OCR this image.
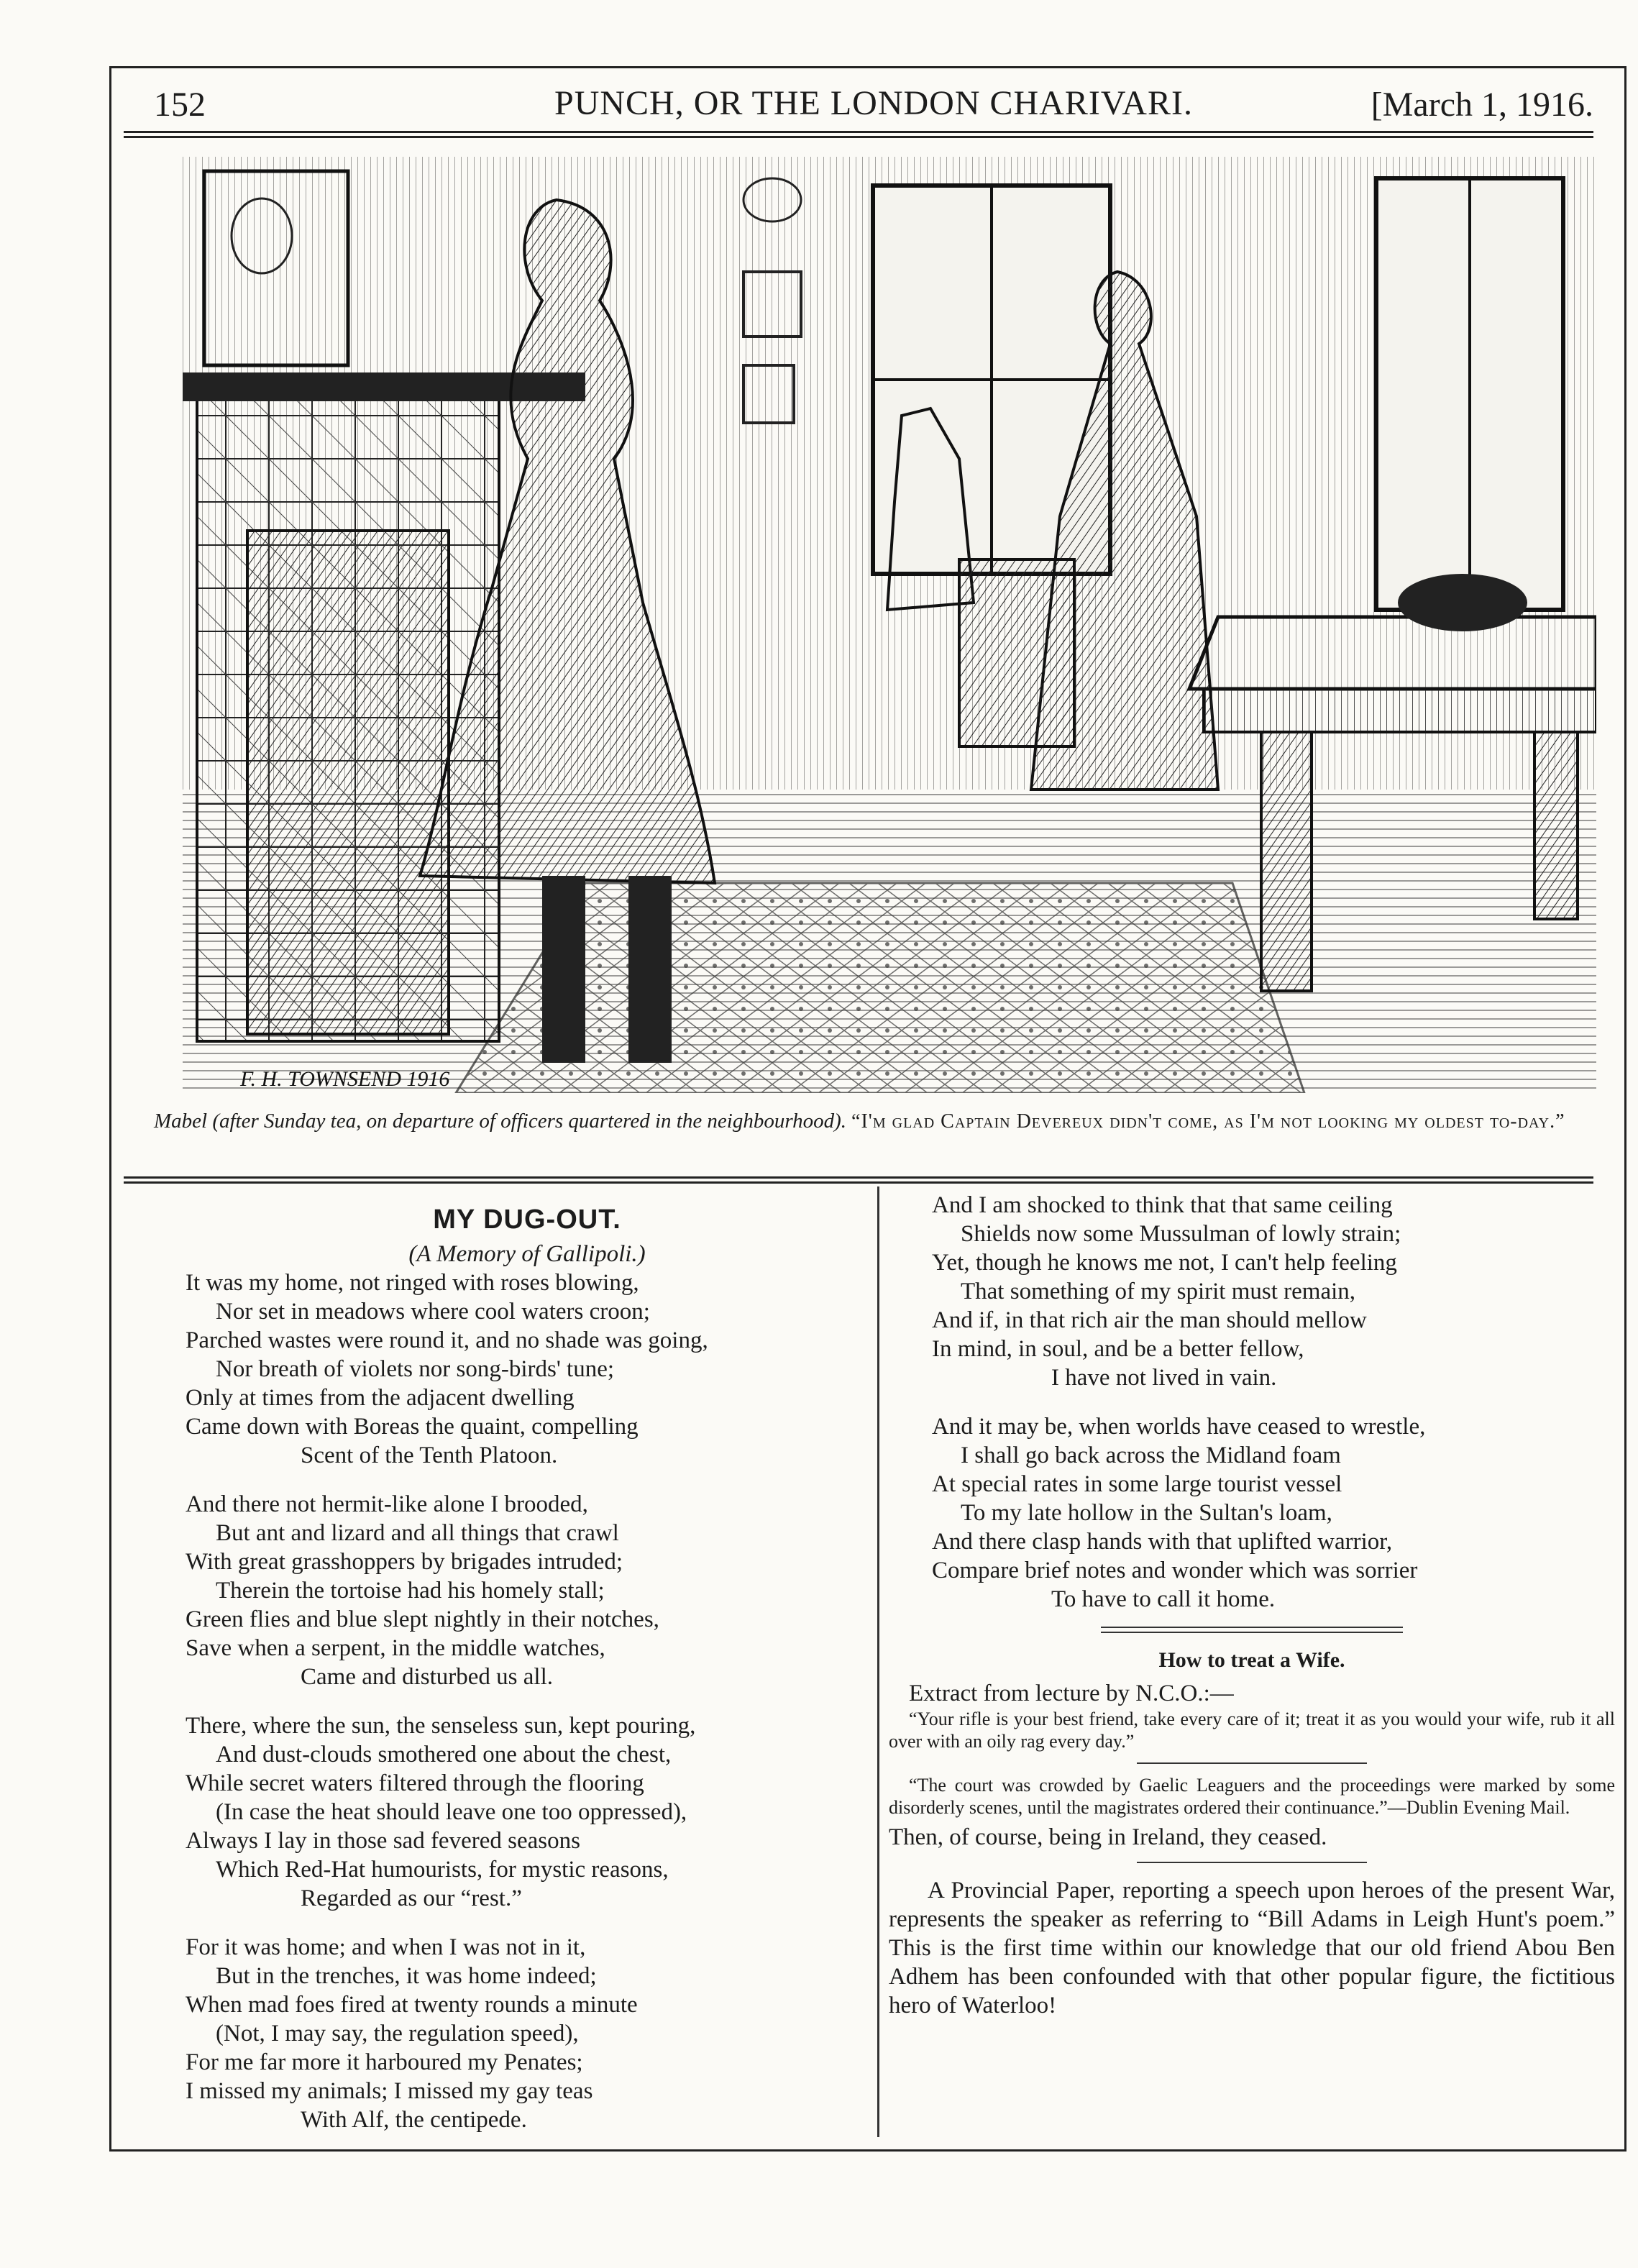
152	PUNCH, OR THE LONDON CHARIVARI.	[March 1, 1916.
F. H. TOWNSEND 1916
Mabel (after Sunday tea, on departure of officers quartered in the neighbourhood). “I'm glad Captain Devereux didn't come, as I'm not looking my oldest to-day.”

MY DUG-OUT.

(A Memory of Gallipoli.)

It was my home, not ringed with roses blowing,

Nor set in meadows where cool waters croon;

Parched wastes were round it, and no shade was going,

Nor breath of violets nor song-birds' tune;

Only at times from the adjacent dwelling

Came down with Boreas the quaint, compelling

Scent of the Tenth Platoon.

And there not hermit-like alone I brooded,

But ant and lizard and all things that crawl

With great grasshoppers by brigades intruded;

Therein the tortoise had his homely stall;

Green flies and blue slept nightly in their notches,

Save when a serpent, in the middle watches,

Came and disturbed us all.

There, where the sun, the senseless sun, kept pouring,

And dust-clouds smothered one about the chest,

While secret waters filtered through the flooring

(In case the heat should leave one too oppressed),

Always I lay in those sad fevered seasons

Which Red-Hat humourists, for mystic reasons,

Regarded as our “rest.”

For it was home; and when I was not in it,

But in the trenches, it was home indeed;

When mad foes fired at twenty rounds a minute

(Not, I may say, the regulation speed),

For me far more it harboured my Penates;

I missed my animals; I missed my gay teas

With Alf, the centipede.

And I am shocked to think that that same ceiling

Shields now some Mussulman of lowly strain;

Yet, though he knows me not, I can't help feeling

That something of my spirit must remain,

And if, in that rich air the man should mellow

In mind, in soul, and be a better fellow,

I have not lived in vain.

And it may be, when worlds have ceased to wrestle,

I shall go back across the Midland foam

At special rates in some large tourist vessel

To my late hollow in the Sultan's loam,

And there clasp hands with that uplifted warrior,

Compare brief notes and wonder which was sorrier

To have to call it home.

How to treat a Wife.

Extract from lecture by N.C.O.:—

“Your rifle is your best friend, take every care of it; treat it as you would your wife, rub it all over with an oily rag every day.”

“The court was crowded by Gaelic Leaguers and the proceedings were marked by some disorderly scenes, until the magistrates ordered their continuance.”—Dublin Evening Mail.

Then, of course, being in Ireland, they ceased.

A Provincial Paper, reporting a speech upon heroes of the present War, represents the speaker as referring to “Bill Adams in Leigh Hunt's poem.” This is the first time within our knowledge that our old friend Abou Ben Adhem has been confounded with that other popular figure, the fictitious hero of Waterloo!
